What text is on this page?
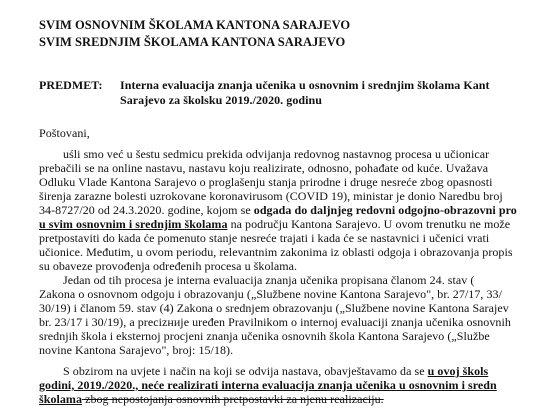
SVIM OSNOVNIM ŠKOLAMA KANTONA SARAJEVO
SVIM SREDNJIM ŠKOLAMA KANTONA SARAJEVO
PREDMET: Interna evaluacija znanja učenika u osnovnim i srednjim školama Kant
Sarajevo za školsku 2019./2020. godinu
Poštovani,
uśli smo već u šestu sedmicu prekida odvijanja redovnog nastavnog procesa u učionicar
prebačili se na online nastavu, nastavu koju realizirate, odnosno, pohađate od kuće. Uvažava
Odluku Vlade Kantona Sarajevo o proglašenju stanja prirodne i druge nesreće zbog opasnosti
širenja zarazne bolesti uzrokovane koronavirusom (COVID 19), ministar je donio Naredbu broj
34-8727/20 od 24.3.2020. godine, kojom se odgada do daljnjeg redovni odgojno-obrazovni pro
u svim osnovnim i srednjim školama na području Kantona Sarajevo. U ovom trenutku ne može
pretpostaviti do kada će pomenuto stanje nesreće trajati i kada će se nastavnici i učenici vrati
učionice. Međutim, u ovom periodu, relevantnim zakonima iz oblasti odgoja i obrazovanja propis
su obaveze provođenja određenih procesa u školama.
Jedan od tih procesa je interna evaluacija znanja učenika propisana članom 24. stav (
Zakona o osnovnom odgoju i obrazovanju („Službene novine Kantona Sarajevo", br. 27/17, 33/
30/19) i članom 59. stav (4) Zakona o srednjem obrazovanju („Službene novine Kantona Sarajev
br. 23/17 i 30/19), a precizније uređen Pravilnikom o internoj evaluaciji znanja učenika osnovnih
srednjih škola i eksternoj procjeni znanja učenika osnovnih škola Kantona Sarajevo („Službe
novine Kantona Sarajevo", broj: 15/18).
S obzirom na uvjete i način na koji se odvija nastava, obavještavamo da se u ovoj škols
godini, 2019./2020., neće realizirati interna evaluacija znanja učenika u osnovnim i sredn
školama zbog nepostojanja osnovnih pretpostavki za njenu realizaciju.
